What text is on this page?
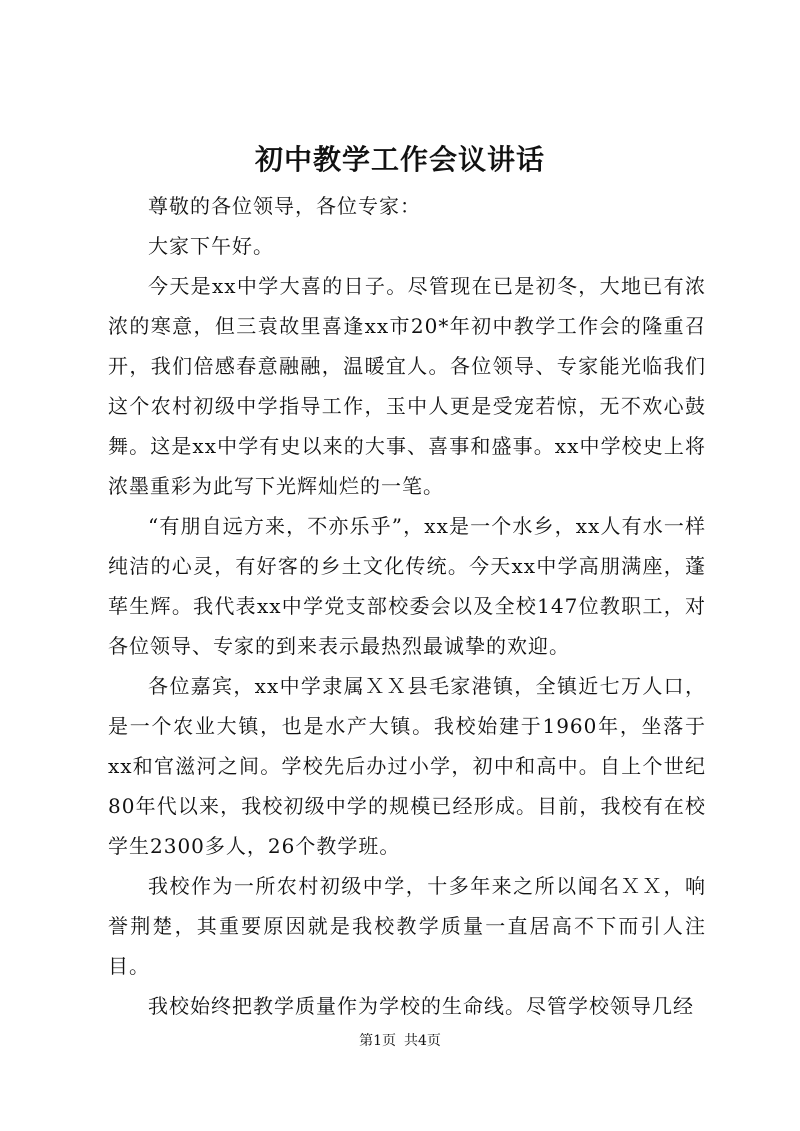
初中教学工作会议讲话

尊敬的各位领导，各位专家：

大家下午好。

今天是xx中学大喜的日子。尽管现在已是初冬，大地已有浓浓的寒意，但三袁故里喜逢xx市20*年初中教学工作会的隆重召开，我们倍感春意融融，温暖宜人。各位领导、专家能光临我们这个农村初级中学指导工作，玉中人更是受宠若惊，无不欢心鼓舞。这是xx中学有史以来的大事、喜事和盛事。xx中学校史上将浓墨重彩为此写下光辉灿烂的一笔。

“有朋自远方来，不亦乐乎”，xx是一个水乡，xx人有水一样纯洁的心灵，有好客的乡土文化传统。今天xx中学高朋满座，蓬荜生辉。我代表xx中学党支部校委会以及全校147位教职工，对各位领导、专家的到来表示最热烈最诚挚的欢迎。

各位嘉宾，xx中学隶属ＸＸ县毛家港镇，全镇近七万人口，是一个农业大镇，也是水产大镇。我校始建于1960年，坐落于xx和官滋河之间。学校先后办过小学，初中和高中。自上个世纪80年代以来，我校初级中学的规模已经形成。目前，我校有在校学生2300多人，26个教学班。

我校作为一所农村初级中学，十多年来之所以闻名ＸＸ，响誉荆楚，其重要原因就是我校教学质量一直居高不下而引人注目。

我校始终把教学质量作为学校的生命线。尽管学校领导几经

第1页 共4页
